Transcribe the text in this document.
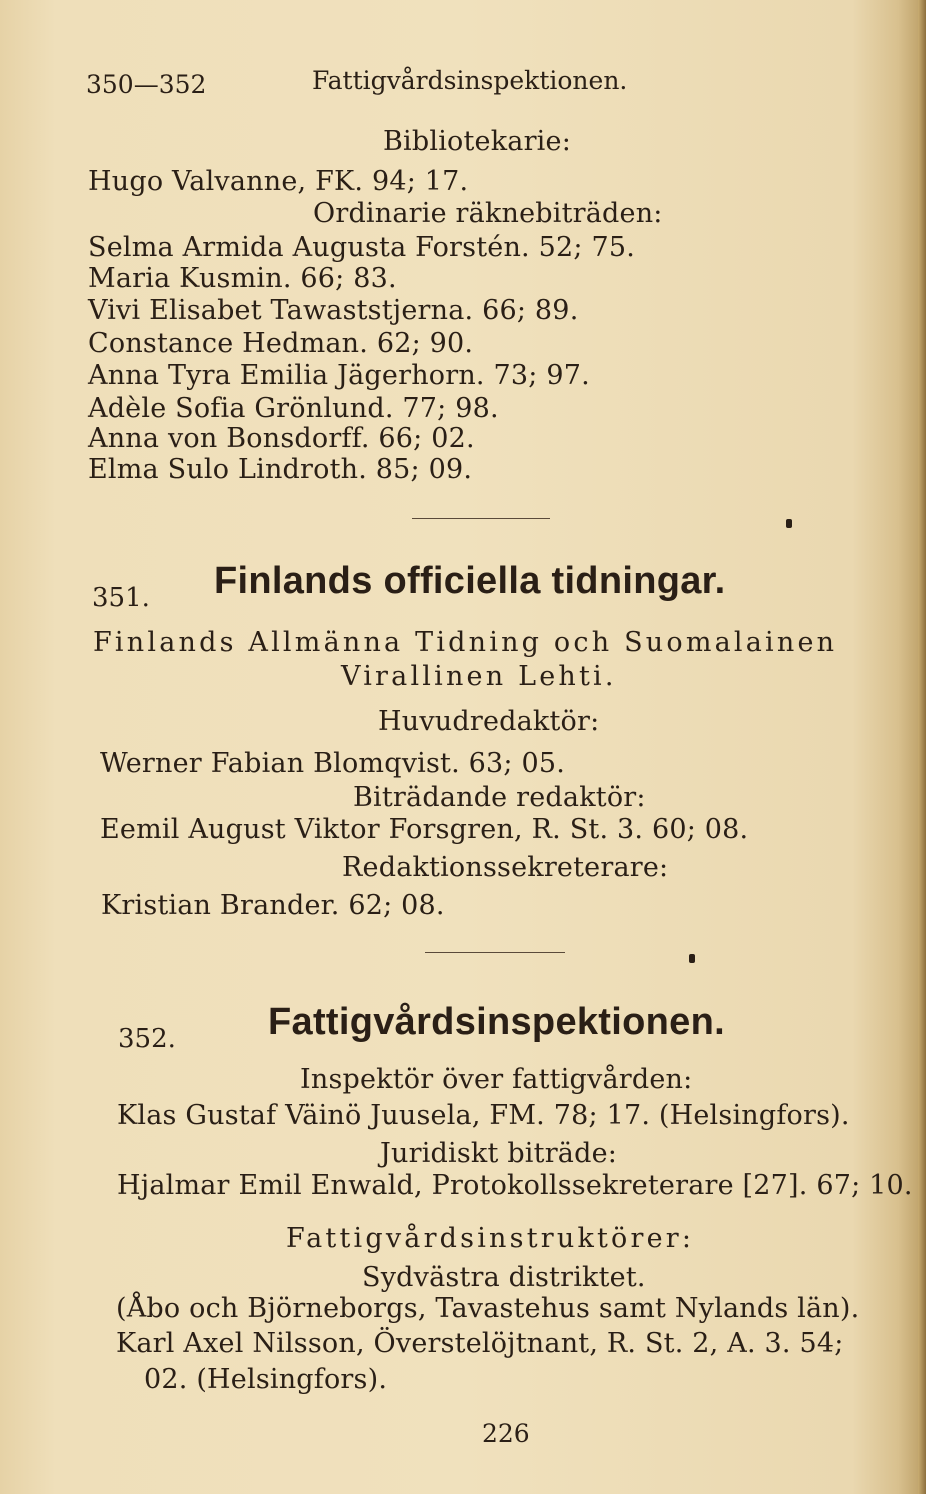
350—352	Fattigvårdsinspektionen.
Bibliotekarie:
Hugo Valvanne, FK. 94; 17.
Ordinarie räknebiträden:
Selma Armida Augusta Forstén. 52; 75.
Maria Kusmin. 66; 83.
Vivi Elisabet Tawaststjerna. 66; 89.
Constance Hedman. 62; 90.
Anna Tyra Emilia Jägerhorn. 73; 97.
Adèle Sofia Grönlund. 77; 98.
Anna von Bonsdorff. 66; 02.
Elma Sulo Lindroth. 85; 09.
351. Finlands officiella tidningar.
Finlands Allmänna Tidning och Suomalainen
Virallinen Lehti.
Huvudredaktör:
Werner Fabian Blomqvist. 63; 05.
Biträdande redaktör:
Eemil August Viktor Forsgren, R. St. 3. 60; 08.
Redaktionssekreterare:
Kristian Brander. 62; 08.
352. Fattigvårdsinspektionen.
Inspektör över fattigvården:
Klas Gustaf Väinö Juusela, FM. 78; 17. (Helsingfors).
Juridiskt biträde:
Hjalmar Emil Enwald, Protokollssekreterare [27]. 67; 10.
Fattigvårdsinstruktörer:
Sydvästra distriktet.
(Åbo och Björneborgs, Tavastehus samt Nylands län).
Karl Axel Nilsson, Överstelöjtnant, R. St. 2, A. 3. 54;
02. (Helsingfors).
226
